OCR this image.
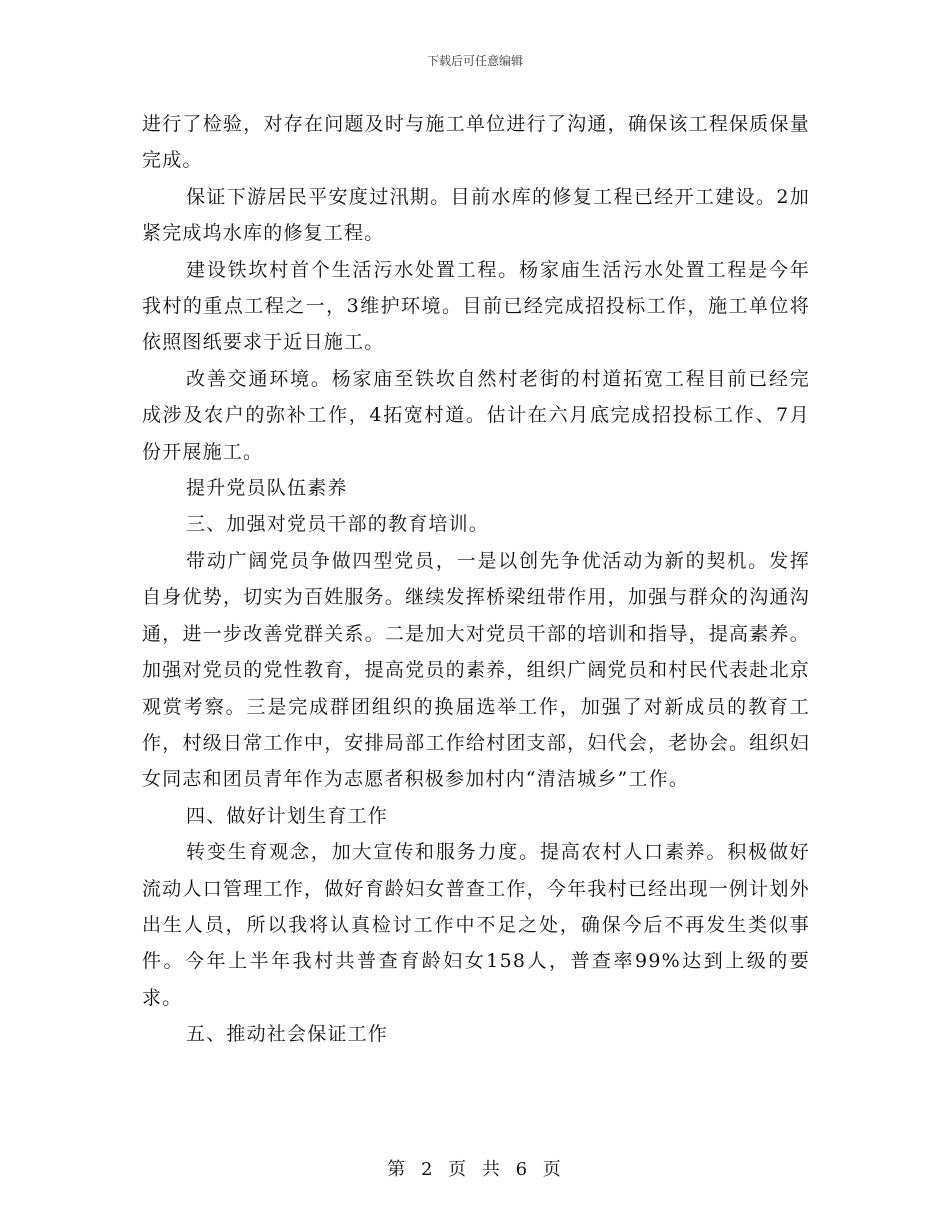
下载后可任意编辑

进行了检验，对存在问题及时与施工单位进行了沟通，确保该工程保质保量完成。

保证下游居民平安度过汛期。目前水库的修复工程已经开工建设。2加紧完成坞水库的修复工程。

建设铁坎村首个生活污水处置工程。杨家庙生活污水处置工程是今年我村的重点工程之一，3维护环境。目前已经完成招投标工作，施工单位将依照图纸要求于近日施工。

改善交通环境。杨家庙至铁坎自然村老街的村道拓宽工程目前已经完成涉及农户的弥补工作，4拓宽村道。估计在六月底完成招投标工作、7月份开展施工。

提升党员队伍素养

三、加强对党员干部的教育培训。

带动广阔党员争做四型党员，一是以创先争优活动为新的契机。发挥自身优势，切实为百姓服务。继续发挥桥梁纽带作用，加强与群众的沟通沟通，进一步改善党群关系。二是加大对党员干部的培训和指导，提高素养。加强对党员的党性教育，提高党员的素养，组织广阔党员和村民代表赴北京观赏考察。三是完成群团组织的换届选举工作，加强了对新成员的教育工作，村级日常工作中，安排局部工作给村团支部，妇代会，老协会。组织妇女同志和团员青年作为志愿者积极参加村内“清洁城乡”工作。

四、做好计划生育工作

转变生育观念，加大宣传和服务力度。提高农村人口素养。积极做好流动人口管理工作，做好育龄妇女普查工作，今年我村已经出现一例计划外出生人员，所以我将认真检讨工作中不足之处，确保今后不再发生类似事件。今年上半年我村共普查育龄妇女158人，普查率99%达到上级的要求。

五、推动社会保证工作

第 2 页 共 6 页
